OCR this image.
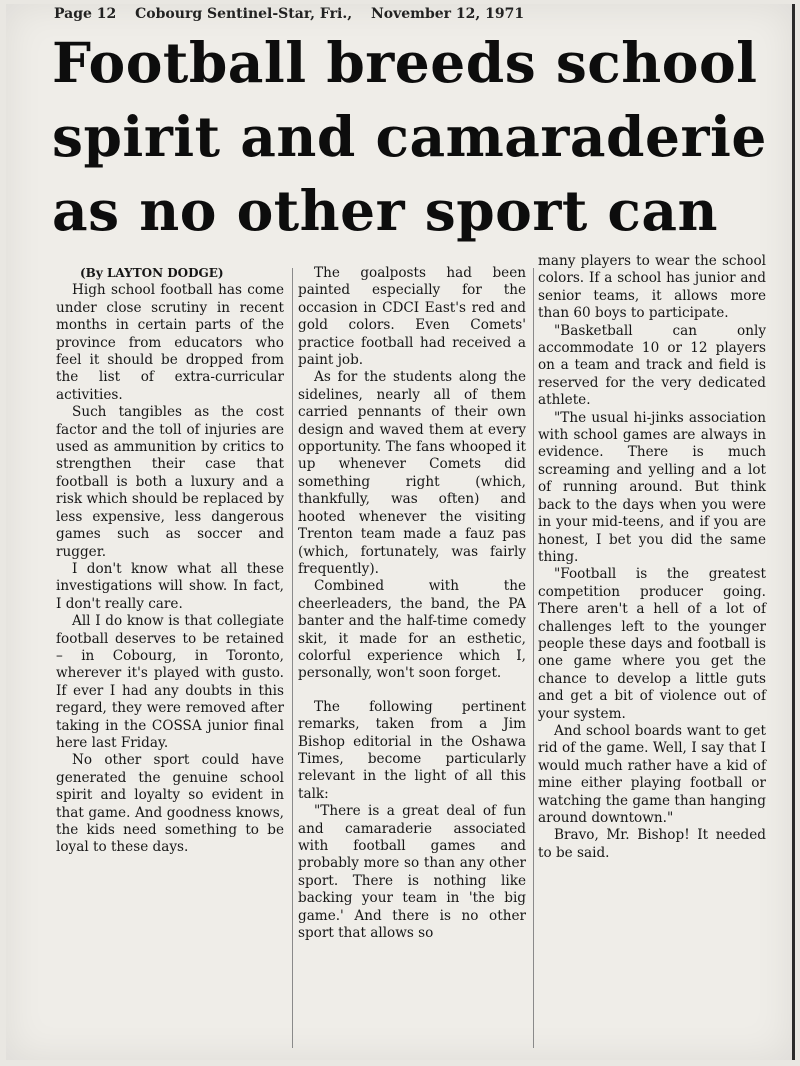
Page 12 Cobourg Sentinel-Star, Fri., November 12, 1971
Football breeds school
spirit and camaraderie
as no other sport can

(By LAYTON DODGE)

High school football has come under close scrutiny in recent months in certain parts of the province from educators who feel it should be dropped from the list of extra-curricular activities.

Such tangibles as the cost factor and the toll of injuries are used as ammunition by critics to strengthen their case that football is both a luxury and a risk which should be replaced by less expensive, less dangerous games such as soccer and rugger.

I don't know what all these investigations will show. In fact, I don't really care.

All I do know is that collegiate football deserves to be retained – in Cobourg, in Toronto, wherever it's played with gusto. If ever I had any doubts in this regard, they were removed after taking in the COSSA junior final here last Friday.

No other sport could have generated the genuine school spirit and loyalty so evident in that game. And goodness knows, the kids need something to be loyal to these days.

The goalposts had been painted especially for the occasion in CDCI East's red and gold colors. Even Comets' practice football had received a paint job.

As for the students along the sidelines, nearly all of them carried pennants of their own design and waved them at every opportunity. The fans whooped it up whenever Comets did something right (which, thankfully, was often) and hooted whenever the visiting Trenton team made a fauz pas (which, fortunately, was fairly frequently).

Combined with the cheerleaders, the band, the PA banter and the half-time comedy skit, it made for an esthetic, colorful experience which I, personally, won't soon forget.

The following pertinent remarks, taken from a Jim Bishop editorial in the Oshawa Times, become particularly relevant in the light of all this talk:

"There is a great deal of fun and camaraderie associated with football games and probably more so than any other sport. There is nothing like backing your team in 'the big game.' And there is no other sport that allows so

many players to wear the school colors. If a school has junior and senior teams, it allows more than 60 boys to participate.

"Basketball can only accommodate 10 or 12 players on a team and track and field is reserved for the very dedicated athlete.

"The usual hi-jinks association with school games are always in evidence. There is much screaming and yelling and a lot of running around. But think back to the days when you were in your mid-teens, and if you are honest, I bet you did the same thing.

"Football is the greatest competition producer going. There aren't a hell of a lot of challenges left to the younger people these days and football is one game where you get the chance to develop a little guts and get a bit of violence out of your system.

And school boards want to get rid of the game. Well, I say that I would much rather have a kid of mine either playing football or watching the game than hanging around downtown."

Bravo, Mr. Bishop! It needed to be said.
